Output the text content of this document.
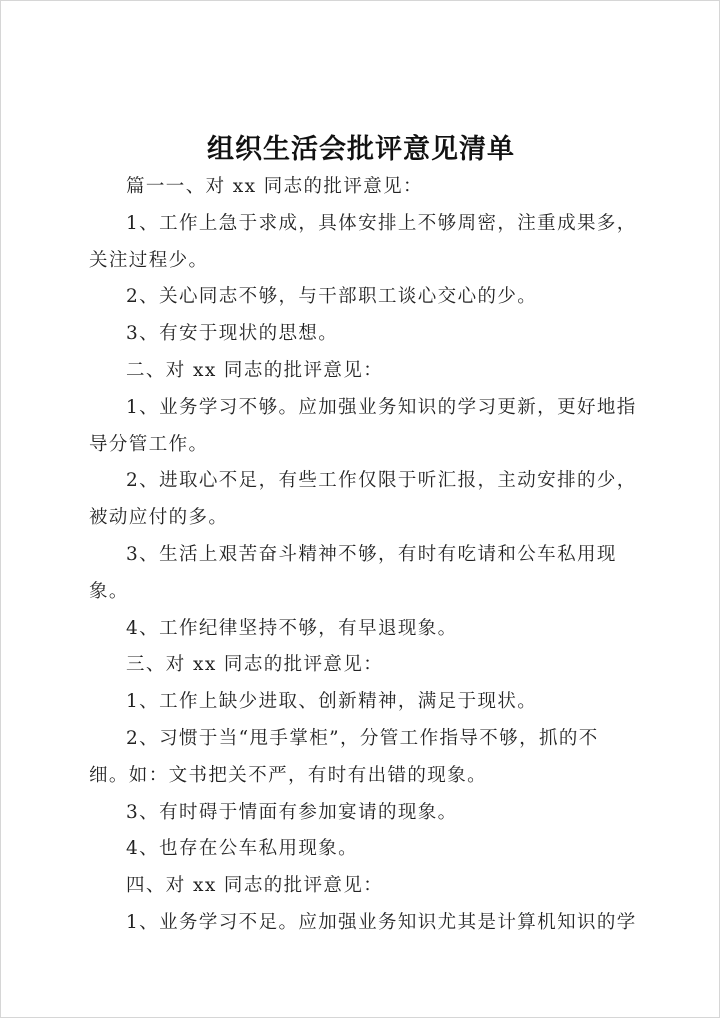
组织生活会批评意见清单

篇一一、对 xx 同志的批评意见：

1、工作上急于求成，具体安排上不够周密，注重成果多，关注过程少。

2、关心同志不够，与干部职工谈心交心的少。

3、有安于现状的思想。

二、对 xx 同志的批评意见：

1、业务学习不够。应加强业务知识的学习更新，更好地指导分管工作。

2、进取心不足，有些工作仅限于听汇报，主动安排的少，被动应付的多。

3、生活上艰苦奋斗精神不够，有时有吃请和公车私用现象。

4、工作纪律坚持不够，有早退现象。

三、对 xx 同志的批评意见：

1、工作上缺少进取、创新精神，满足于现状。

2、习惯于当“甩手掌柜”，分管工作指导不够，抓的不细。如：文书把关不严，有时有出错的现象。

3、有时碍于情面有参加宴请的现象。

4、也存在公车私用现象。

四、对 xx 同志的批评意见：

1、业务学习不足。应加强业务知识尤其是计算机知识的学
